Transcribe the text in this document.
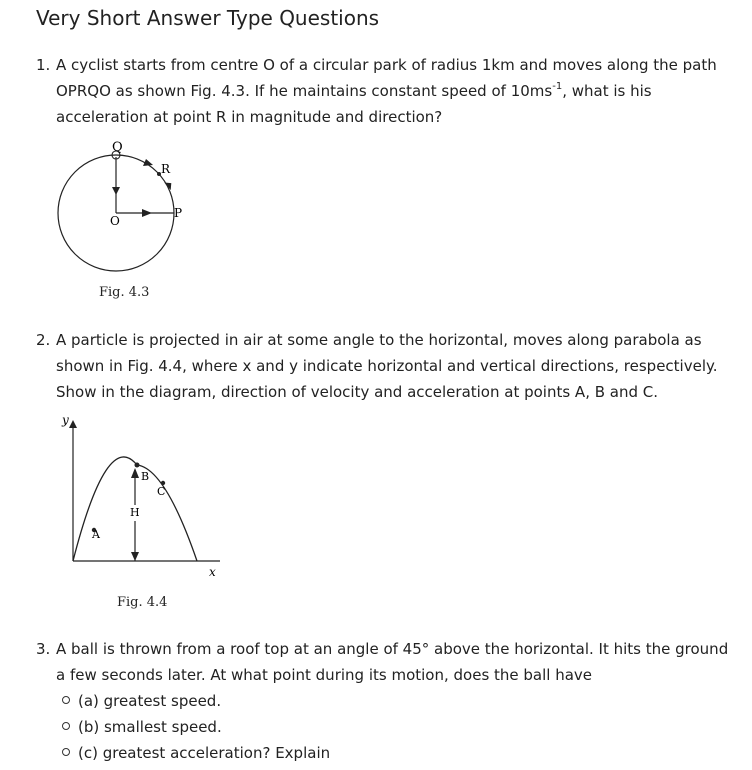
Very Short Answer Type Questions
1. A cyclist starts from centre O of a circular park of radius 1km and moves along the path
OPRQO as shown Fig. 4.3. If he maintains constant speed of $10ms^{-1}$, what is his
acceleration at point R in magnitude and direction?
Q
R
P
O
Fig. 4.3
2. A particle is projected in air at some angle to the horizontal, moves along parabola as
shown in Fig. 4.4, where x and y indicate horizontal and vertical directions, respectively.
Show in the diagram, direction of velocity and acceleration at points A, B and C.
y
x
A
B
C
H
Fig. 4.4
3. A ball is thrown from a roof top at an angle of 45° above the horizontal. It hits the ground
a few seconds later. At what point during its motion, does the ball have
(a) greatest speed.
(b) smallest speed.
(c) greatest acceleration? Explain
